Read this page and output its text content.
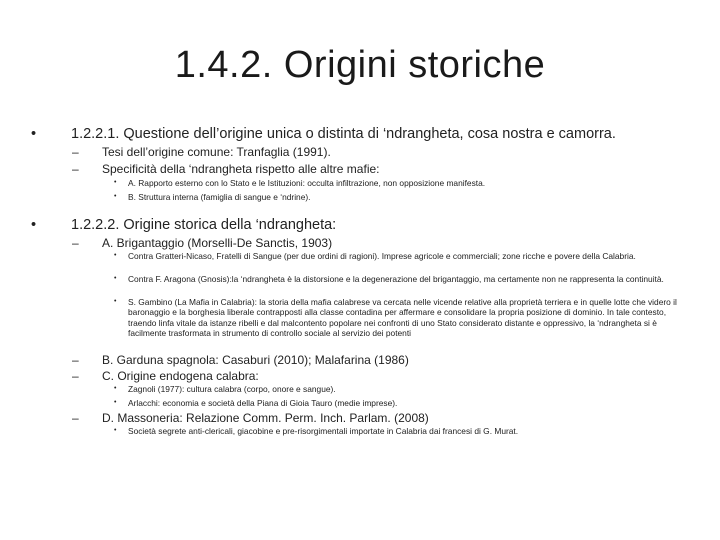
1.4.2. Origini storiche
•	1.2.2.1. Questione dell’origine unica o distinta di ‘ndrangheta, cosa nostra e camorra.
–	Tesi dell’origine comune: Tranfaglia (1991).
–	Specificità della ‘ndrangheta rispetto alle altre mafie:
•	A. Rapporto esterno con lo Stato e le Istituzioni: occulta infiltrazione, non opposizione manifesta.
•	B. Struttura interna (famiglia di sangue e ‘ndrine).
•	1.2.2.2. Origine storica della ‘ndrangheta:
–	A. Brigantaggio (Morselli-De Sanctis, 1903)
•	Contra Gratteri-Nicaso, Fratelli di Sangue (per due ordini di ragioni). Imprese agricole e commerciali; zone ricche e povere della Calabria.
•	Contra F. Aragona (Gnosis):la ‘ndrangheta è la distorsione e la degenerazione del brigantaggio, ma certamente non ne rappresenta la continuità.
•	S. Gambino (La Mafia in Calabria): la storia della mafia calabrese va cercata nelle vicende relative alla proprietà terriera e in quelle lotte che videro il baronaggio e la borghesia liberale contrapposti alla classe contadina per affermare e consolidare la propria posizione di dominio. In tale contesto, traendo linfa vitale da istanze ribelli e dal malcontento popolare nei confronti di uno Stato considerato distante e oppressivo, la ‘ndrangheta si è facilmente trasformata in strumento di controllo sociale al servizio dei potenti
–	B. Garduna spagnola: Casaburi (2010); Malafarina (1986)
–	C. Origine endogena calabra:
•	Zagnoli (1977): cultura calabra (corpo, onore e sangue).
•	Arlacchi: economia e società della Piana di Gioia Tauro (medie imprese).
–	D. Massoneria: Relazione Comm. Perm. Inch. Parlam. (2008)
•	Società segrete anti-clericali, giacobine e pre-risorgimentali importate in Calabria dai francesi di G. Murat.
